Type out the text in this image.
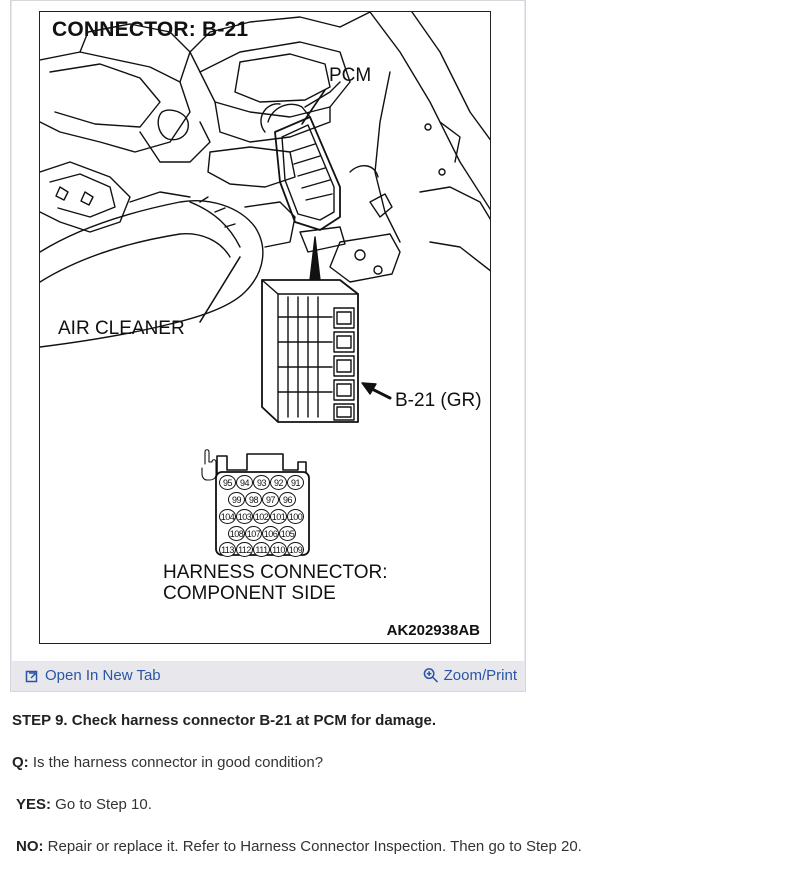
CONNECTOR: B-21
PCM
AIR CLEANER
B-21 (GR)
HARNESS CONNECTOR:
COMPONENT SIDE
AK202938AB
95 94 93 92 91
99 98 97 96
104 103 102 101 100
108 107 106 105
113 112 111 110 109
Open In New Tab	Zoom/Print
STEP 9. Check harness connector B-21 at PCM for damage.
Q: Is the harness connector in good condition?
YES: Go to Step 10.
NO: Repair or replace it. Refer to Harness Connector Inspection. Then go to Step 20.
